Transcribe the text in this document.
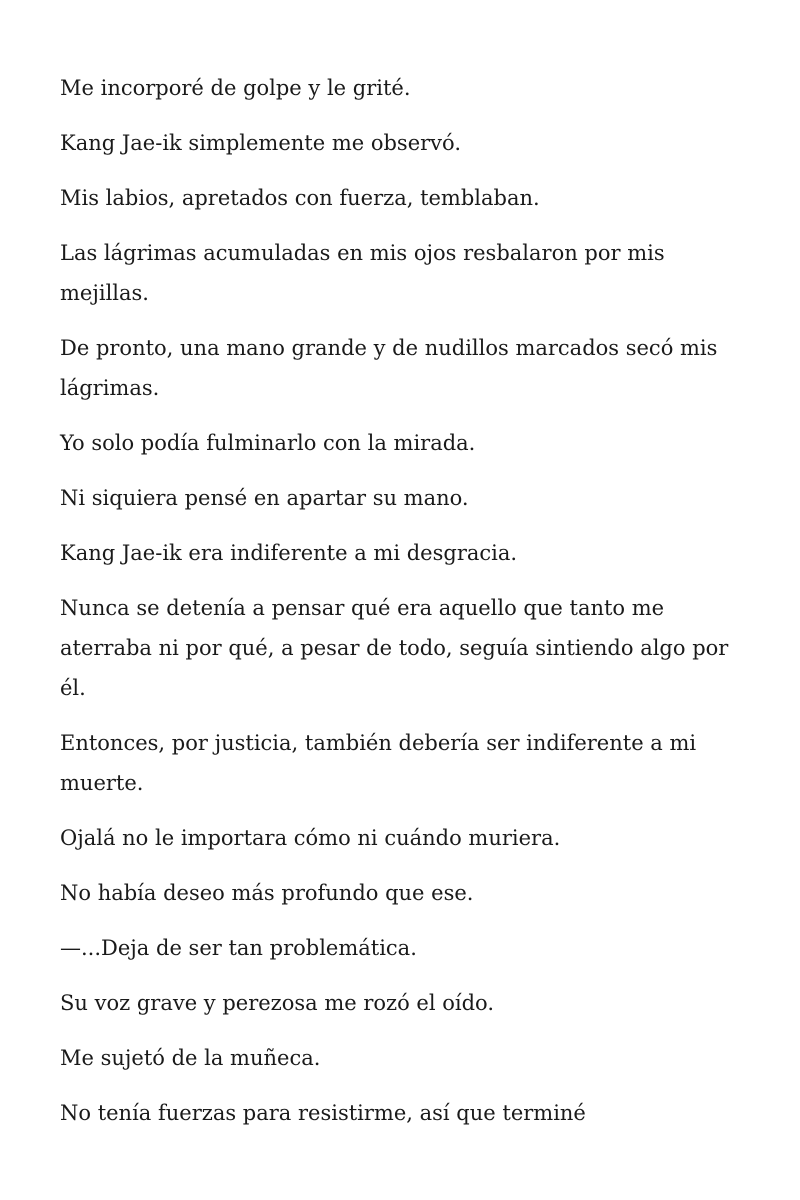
Me incorporé de golpe y le grité.

Kang Jae-ik simplemente me observó.

Mis labios, apretados con fuerza, temblaban.

Las lágrimas acumuladas en mis ojos resbalaron por mis mejillas.

De pronto, una mano grande y de nudillos marcados secó mis lágrimas.

Yo solo podía fulminarlo con la mirada.

Ni siquiera pensé en apartar su mano.

Kang Jae-ik era indiferente a mi desgracia.

Nunca se detenía a pensar qué era aquello que tanto me aterraba ni por qué, a pesar de todo, seguía sintiendo algo por él.

Entonces, por justicia, también debería ser indiferente a mi muerte.

Ojalá no le importara cómo ni cuándo muriera.

No había deseo más profundo que ese.

—...Deja de ser tan problemática.

Su voz grave y perezosa me rozó el oído.

Me sujetó de la muñeca.

No tenía fuerzas para resistirme, así que terminé
